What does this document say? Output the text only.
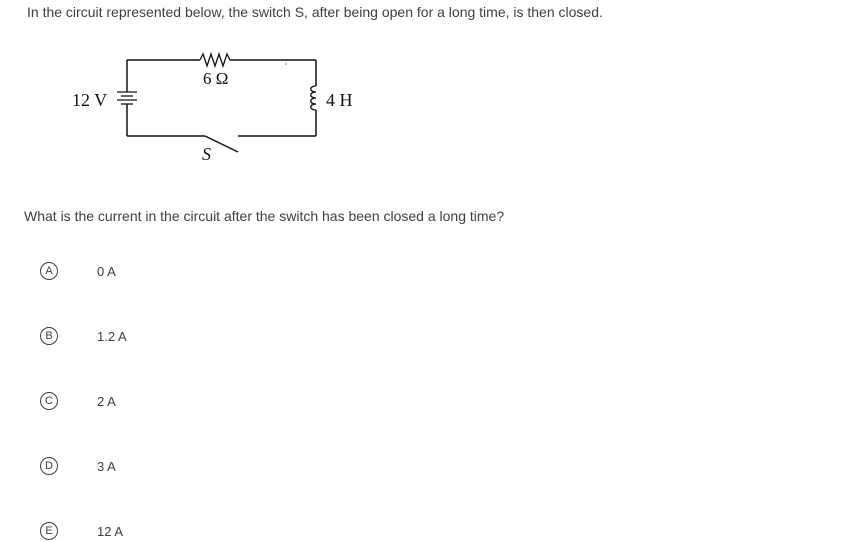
In the circuit represented below, the switch S, after being open for a long time, is then closed.
12 V
6 Ω
4 H
S
What is the current in the circuit after the switch has been closed a long time?
A	0 A
B	1.2 A
C	2 A
D	3 A
E	12 A
